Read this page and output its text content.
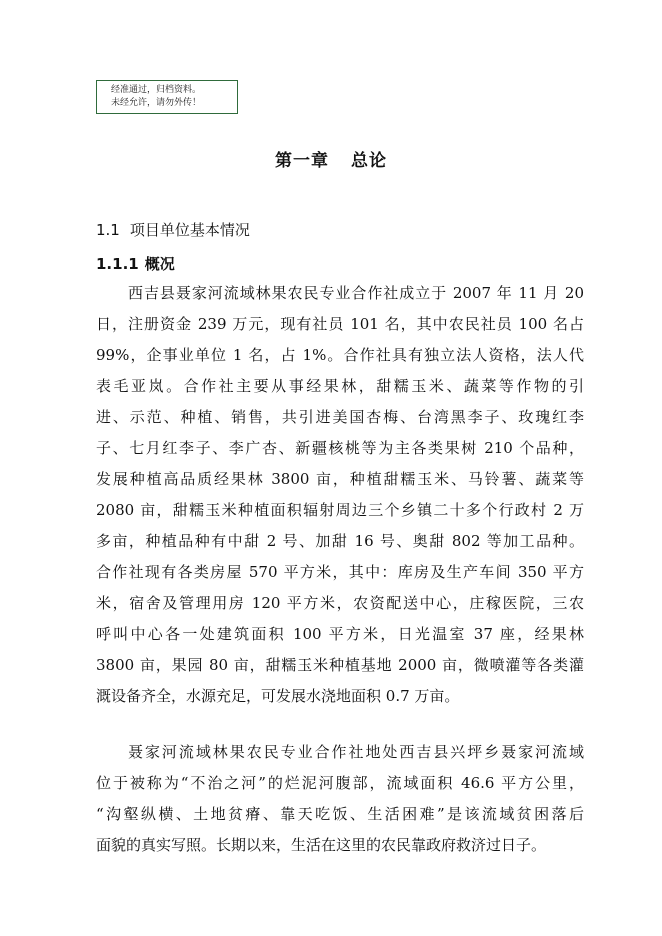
经准通过，归档资料。
未经允许，请勿外传！
第一章 总论
1.1 项目单位基本情况
1.1.1 概况
西吉县聂家河流域林果农民专业合作社成立于 2007 年 11 月 20
日，注册资金 239 万元，现有社员 101 名，其中农民社员 100 名占
99%，企事业单位 1 名，占 1%。合作社具有独立法人资格，法人代
表毛亚岚。合作社主要从事经果林，甜糯玉米、蔬菜等作物的引
进、示范、种植、销售，共引进美国杏梅、台湾黑李子、玫瑰红李
子、七月红李子、李广杏、新疆核桃等为主各类果树 210 个品种，
发展种植高品质经果林 3800 亩，种植甜糯玉米、马铃薯、蔬菜等
2080 亩，甜糯玉米种植面积辐射周边三个乡镇二十多个行政村 2 万
多亩，种植品种有中甜 2 号、加甜 16 号、奥甜 802 等加工品种。
合作社现有各类房屋 570 平方米，其中：库房及生产车间 350 平方
米，宿舍及管理用房 120 平方米，农资配送中心，庄稼医院，三农
呼叫中心各一处建筑面积 100 平方米，日光温室 37 座，经果林
3800 亩，果园 80 亩，甜糯玉米种植基地 2000 亩，微喷灌等各类灌
溉设备齐全，水源充足，可发展水浇地面积 0.7 万亩。
聂家河流域林果农民专业合作社地处西吉县兴坪乡聂家河流域
位于被称为“不治之河”的烂泥河腹部，流域面积 46.6 平方公里，
“沟壑纵横、土地贫瘠、靠天吃饭、生活困难”是该流域贫困落后
面貌的真实写照。长期以来，生活在这里的农民靠政府救济过日子。
